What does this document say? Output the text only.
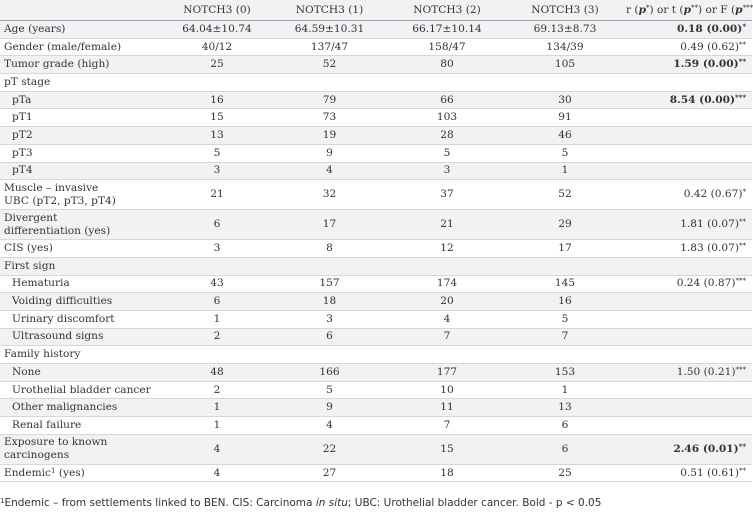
	NOTCH3 (0)	NOTCH3 (1)	NOTCH3 (2)	NOTCH3 (3)	r (p*) or t (p**) or F (p***
Age (years)	64.04±10.74	64.59±10.31	66.17±10.14	69.13±8.73	0.18 (0.00)*
Gender (male/female)	40/12	137/47	158/47	134/39	0.49 (0.62)**
Tumor grade (high)	25	52	80	105	1.59 (0.00)**
pT stage					
pTa	16	79	66	30	8.54 (0.00)***
pT1	15	73	103	91	
pT2	13	19	28	46	
pT3	5	9	5	5	
pT4	3	4	3	1	
Muscle – invasive
UBC (pT2, pT3, pT4)	21	32	37	52	0.42 (0.67)*
Divergent
differentiation (yes)	6	17	21	29	1.81 (0.07)**
CIS (yes)	3	8	12	17	1.83 (0.07)**
First sign					
Hematuria	43	157	174	145	0.24 (0.87)***
Voiding difficulties	6	18	20	16	
Urinary discomfort	1	3	4	5	
Ultrasound signs	2	6	7	7	
Family history					
None	48	166	177	153	1.50 (0.21)***
Urothelial bladder cancer	2	5	10	1	
Other malignancies	1	9	11	13	
Renal failure	1	4	7	6	
Exposure to known
carcinogens	4	22	15	6	2.46 (0.01)**
Endemic$^1$ (yes)	4	27	18	25	0.51 (0.61)**
$^1$Endemic – from settlements linked to BEN. CIS: Carcinoma in situ; UBC: Urothelial bladder cancer. Bold - p < 0.05
